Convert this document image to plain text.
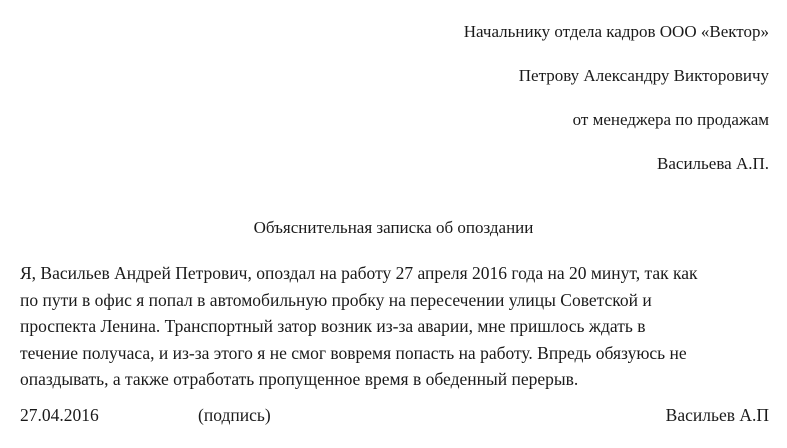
Начальнику отдела кадров ООО «Вектор»
Петрову Александру Викторовичу
от менеджера по продажам
Васильева А.П.
Объяснительная записка об опоздании
Я, Васильев Андрей Петрович, опоздал на работу 27 апреля 2016 года на 20 минут, так как
по пути в офис я попал в автомобильную пробку на пересечении улицы Советской и
проспекта Ленина. Транспортный затор возник из-за аварии, мне пришлось ждать в
течение получаса, и из-за этого я не смог вовремя попасть на работу. Впредь обязуюсь не
опаздывать, а также отработать пропущенное время в обеденный перерыв.
27.04.2016	(подпись)	Васильев А.П
